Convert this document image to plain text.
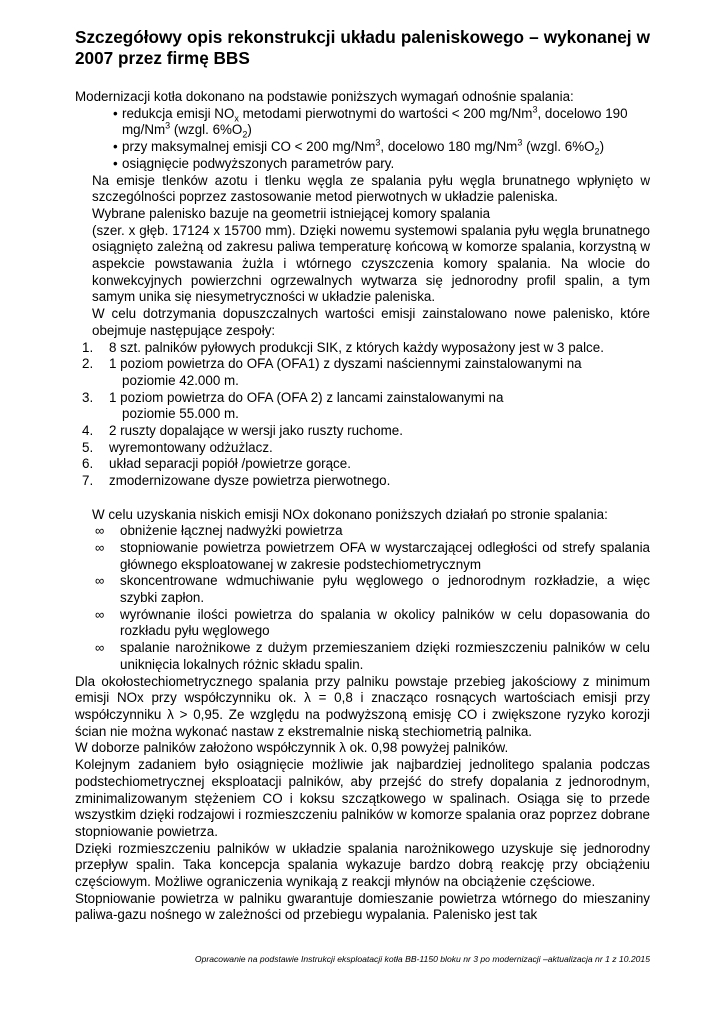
Szczegółowy opis rekonstrukcji układu paleniskowego – wykonanej w 2007 przez firmę BBS

Modernizacji kotła dokonano na podstawie poniższych wymagań odnośnie spalania:

• redukcja emisji $NO_x$ metodami pierwotnymi do wartości < 200 mg/Nm$^3$, docelowo 190 mg/Nm$^3$ (wzgl. $6\%O_2$)
• przy maksymalnej emisji CO < 200 mg/Nm$^3$, docelowo 180 mg/Nm$^3$ (wzgl. $6\%O_2$)
• osiągnięcie podwyższonych parametrów pary.

Na emisje tlenków azotu i tlenku węgla ze spalania pyłu węgla brunatnego wpłynięto w szczególności poprzez zastosowanie metod pierwotnych w układzie paleniska.

Wybrane palenisko bazuje na geometrii istniejącej komory spalania

(szer. x głęb. 17124 x 15700 mm). Dzięki nowemu systemowi spalania pyłu węgla brunatnego osiągnięto zależną od zakresu paliwa temperaturę końcową w komorze spalania, korzystną w aspekcie powstawania żużla i wtórnego czyszczenia komory spalania. Na wlocie do konwekcyjnych powierzchni ogrzewalnych wytwarza się jednorodny profil spalin, a tym samym unika się niesymetryczności w układzie paleniska.

W celu dotrzymania dopuszczalnych wartości emisji zainstalowano nowe palenisko, które obejmuje następujące zespoły:

1. 8 szt. palników pyłowych produkcji SIK, z których każdy wyposażony jest w 3 palce.
2. 1 poziom powietrza do OFA (OFA1) z dyszami naściennymi zainstalowanymi na
poziomie 42.000 m.
3. 1 poziom powietrza do OFA (OFA 2) z lancami zainstalowanymi na
poziomie 55.000 m.
4. 2 ruszty dopalające w wersji jako ruszty ruchome.
5. wyremontowany odżużlacz.
6. układ separacji popiół /powietrze gorące.
7. zmodernizowane dysze powietrza pierwotnego.

W celu uzyskania niskich emisji NOx dokonano poniższych działań po stronie spalania:

∞ obniżenie łącznej nadwyżki powietrza
∞ stopniowanie powietrza powietrzem OFA w wystarczającej odległości od strefy spalania głównego eksploatowanej w zakresie podstechiometrycznym
∞ skoncentrowane wdmuchiwanie pyłu węglowego o jednorodnym rozkładzie, a więc szybki zapłon.
∞ wyrównanie ilości powietrza do spalania w okolicy palników w celu dopasowania do rozkładu pyłu węglowego
∞ spalanie narożnikowe z dużym przemieszaniem dzięki rozmieszczeniu palników w celu uniknięcia lokalnych różnic składu spalin.

Dla okołostechiometrycznego spalania przy palniku powstaje przebieg jakościowy z minimum emisji NOx przy współczynniku ok. λ = 0,8 i znacząco rosnących wartościach emisji przy współczynniku λ > 0,95. Ze względu na podwyższoną emisję CO i zwiększone ryzyko korozji ścian nie można wykonać nastaw z ekstremalnie niską stechiometrią palnika.

W doborze palników założono współczynnik λ ok. 0,98 powyżej palników.

Kolejnym zadaniem było osiągnięcie możliwie jak najbardziej jednolitego spalania podczas podstechiometrycznej eksploatacji palników, aby przejść do strefy dopalania z jednorodnym, zminimalizowanym stężeniem CO i koksu szczątkowego w spalinach. Osiąga się to przede wszystkim dzięki rodzajowi i rozmieszczeniu palników w komorze spalania oraz poprzez dobrane stopniowanie powietrza.

Dzięki rozmieszczeniu palników w układzie spalania narożnikowego uzyskuje się jednorodny przepływ spalin. Taka koncepcja spalania wykazuje bardzo dobrą reakcję przy obciążeniu częściowym. Możliwe ograniczenia wynikają z reakcji młynów na obciążenie częściowe.

Stopniowanie powietrza w palniku gwarantuje domieszanie powietrza wtórnego do mieszaniny paliwa-gazu nośnego w zależności od przebiegu wypalania. Palenisko jest tak

Opracowanie na podstawie Instrukcji eksploatacji kotła BB-1150 bloku nr 3 po modernizacji –aktualizacja nr 1 z 10.2015
